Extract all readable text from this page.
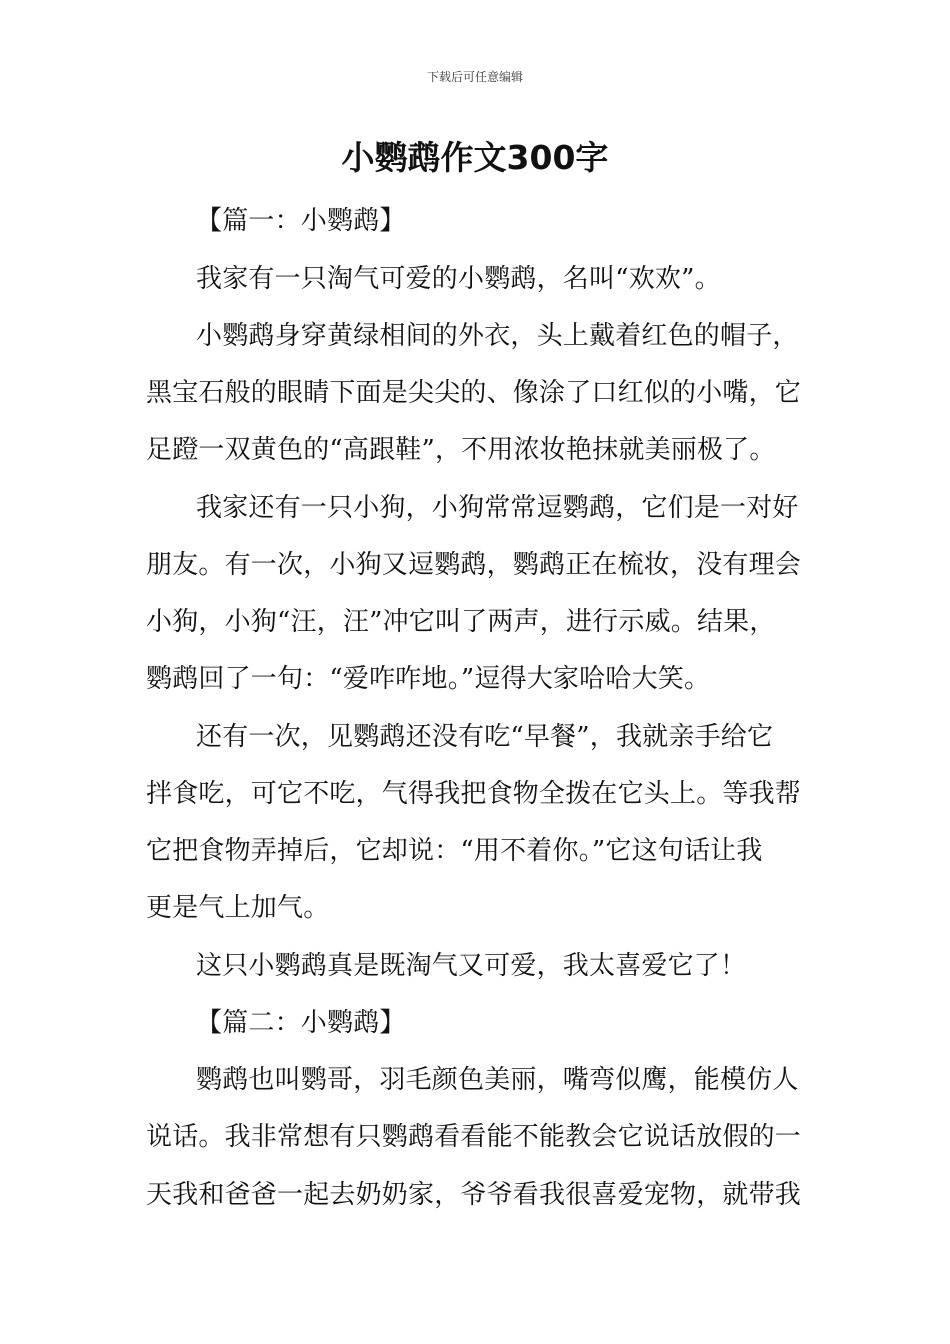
下载后可任意编辑
小鹦鹉作文300字
【篇一：小鹦鹉】
我家有一只淘气可爱的小鹦鹉，名叫“欢欢”。
小鹦鹉身穿黄绿相间的外衣，头上戴着红色的帽子，
黑宝石般的眼睛下面是尖尖的、像涂了口红似的小嘴，它
足蹬一双黄色的“高跟鞋”，不用浓妆艳抹就美丽极了。
我家还有一只小狗，小狗常常逗鹦鹉，它们是一对好
朋友。有一次，小狗又逗鹦鹉，鹦鹉正在梳妆，没有理会
小狗，小狗“汪，汪”冲它叫了两声，进行示威。结果，
鹦鹉回了一句：“爱咋咋地。”逗得大家哈哈大笑。
还有一次，见鹦鹉还没有吃“早餐”，我就亲手给它
拌食吃，可它不吃，气得我把食物全拨在它头上。等我帮
它把食物弄掉后，它却说：“用不着你。”它这句话让我
更是气上加气。
这只小鹦鹉真是既淘气又可爱，我太喜爱它了！
【篇二：小鹦鹉】
鹦鹉也叫鹦哥，羽毛颜色美丽，嘴弯似鹰，能模仿人
说话。我非常想有只鹦鹉看看能不能教会它说话放假的一
天我和爸爸一起去奶奶家，爷爷看我很喜爱宠物，就带我
